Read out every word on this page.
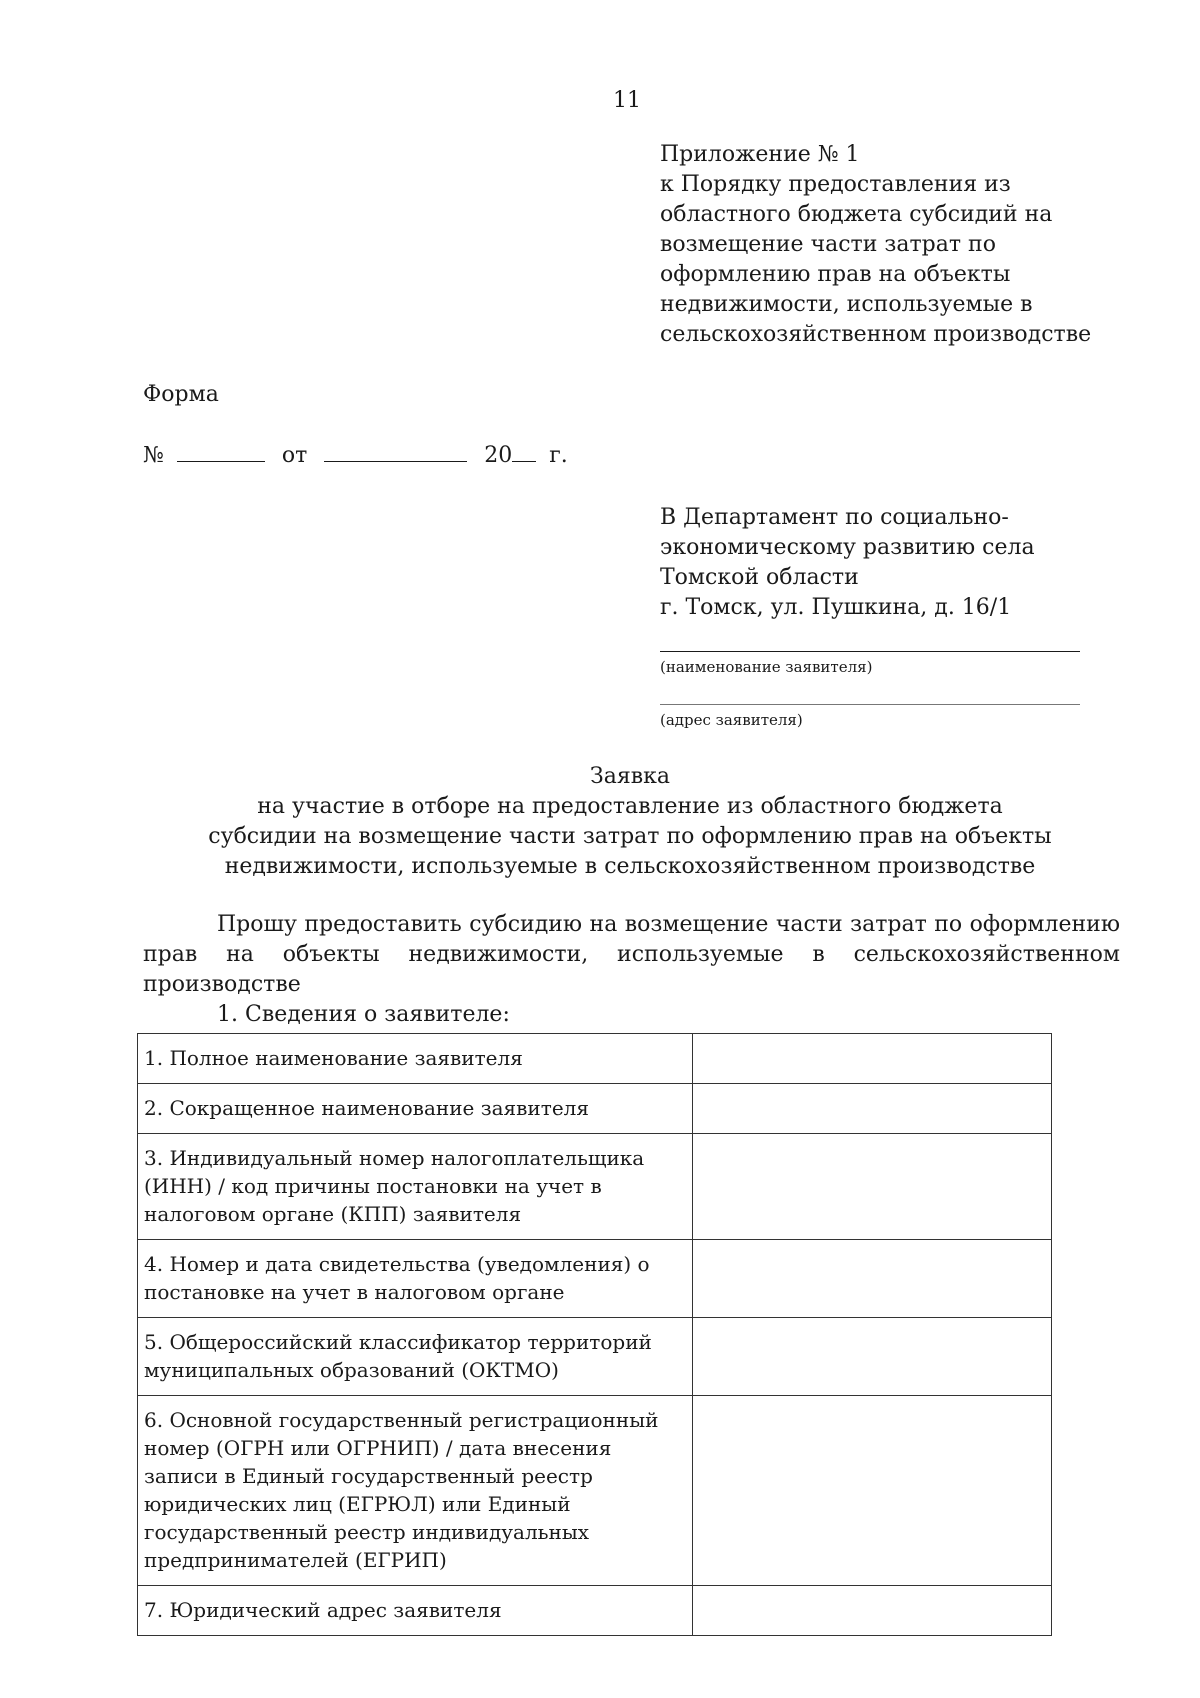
11
Приложение № 1
к Порядку предоставления из
областного бюджета субсидий на
возмещение части затрат по
оформлению прав на объекты
недвижимости, используемые в
сельскохозяйственном производстве
Форма
№	от	20 г.
В Департамент по социально-
экономическому развитию села
Томской области
г. Томск, ул. Пушкина, д. 16/1
(наименование заявителя)
(адрес заявителя)
Заявка
на участие в отборе на предоставление из областного бюджета
субсидии на возмещение части затрат по оформлению прав на объекты
недвижимости, используемые в сельскохозяйственном производстве
Прошу предоставить субсидию на возмещение части затрат по оформлению прав на объекты недвижимости, используемые в сельскохозяйственном производстве
1. Сведения о заявителе:
1. Полное наименование заявителя	
2. Сокращенное наименование заявителя	
3. Индивидуальный номер налогоплательщика (ИНН) / код причины постановки на учет в налоговом органе (КПП) заявителя	
4. Номер и дата свидетельства (уведомления) о постановке на учет в налоговом органе	
5. Общероссийский классификатор территорий муниципальных образований (ОКТМО)	
6. Основной государственный регистрационный номер (ОГРН или ОГРНИП) / дата внесения записи в Единый государственный реестр юридических лиц (ЕГРЮЛ) или Единый государственный реестр индивидуальных предпринимателей (ЕГРИП)	
7. Юридический адрес заявителя	
